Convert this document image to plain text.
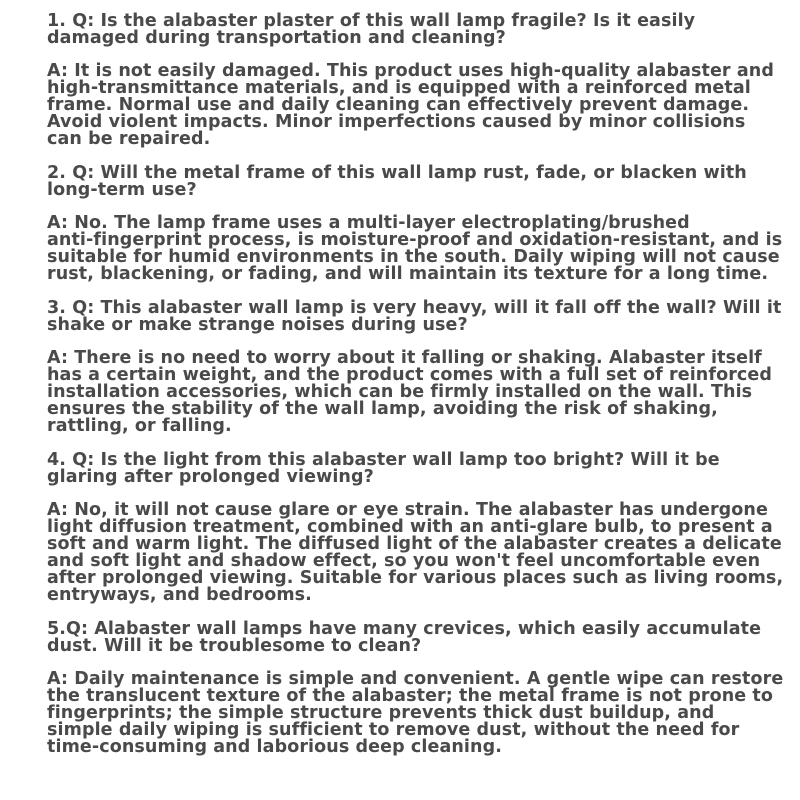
1. Q: Is the alabaster plaster of this wall lamp fragile? Is it easily
damaged during transportation and cleaning?

A: It is not easily damaged. This product uses high-quality alabaster and
high-transmittance materials, and is equipped with a reinforced metal
frame. Normal use and daily cleaning can effectively prevent damage.
Avoid violent impacts. Minor imperfections caused by minor collisions
can be repaired.

2. Q: Will the metal frame of this wall lamp rust, fade, or blacken with
long-term use?

A: No. The lamp frame uses a multi-layer electroplating/brushed
anti-fingerprint process, is moisture-proof and oxidation-resistant, and is
suitable for humid environments in the south. Daily wiping will not cause
rust, blackening, or fading, and will maintain its texture for a long time.

3. Q: This alabaster wall lamp is very heavy, will it fall off the wall? Will it
shake or make strange noises during use?

A: There is no need to worry about it falling or shaking. Alabaster itself
has a certain weight, and the product comes with a full set of reinforced
installation accessories, which can be firmly installed on the wall. This
ensures the stability of the wall lamp, avoiding the risk of shaking,
rattling, or falling.

4. Q: Is the light from this alabaster wall lamp too bright? Will it be
glaring after prolonged viewing?

A: No, it will not cause glare or eye strain. The alabaster has undergone
light diffusion treatment, combined with an anti-glare bulb, to present a
soft and warm light. The diffused light of the alabaster creates a delicate
and soft light and shadow effect, so you won't feel uncomfortable even
after prolonged viewing. Suitable for various places such as living rooms,
entryways, and bedrooms.

5.Q: Alabaster wall lamps have many crevices, which easily accumulate
dust. Will it be troublesome to clean?

A: Daily maintenance is simple and convenient. A gentle wipe can restore
the translucent texture of the alabaster; the metal frame is not prone to
fingerprints; the simple structure prevents thick dust buildup, and
simple daily wiping is sufficient to remove dust, without the need for
time-consuming and laborious deep cleaning.
